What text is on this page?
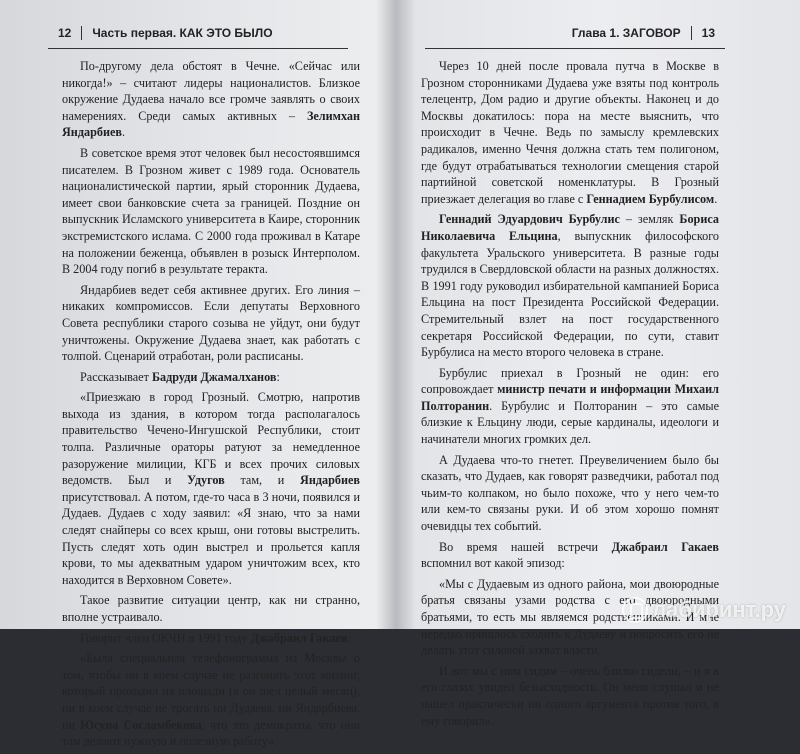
12	Часть первая. КАК ЭТО БЫЛО

По-другому дела обстоят в Чечне. «Сейчас или никогда!» – считают лидеры националистов. Близкое окружение Дудаева начало все громче заявлять о своих намерениях. Среди самых активных – Зелимхан Яндарбиев.

В советское время этот человек был несостоявшимся писателем. В Грозном живет с 1989 года. Основатель националистической партии, ярый сторонник Дудаева, имеет свои банковские счета за границей. Поздние он выпускник Исламского университета в Каире, сторонник экстремистского ислама. С 2000 года проживал в Катаре на положении беженца, объявлен в розыск Интерполом. В 2004 году погиб в результате теракта.

Яндарбиев ведет себя активнее других. Его линия – никаких компромиссов. Если депутаты Верховного Совета республики старого созыва не уйдут, они будут уничтожены. Окружение Дудаева знает, как работать с толпой. Сценарий отработан, роли расписаны.

Рассказывает Бадруди Джамалханов:

«Приезжаю в город Грозный. Смотрю, напротив выхода из здания, в котором тогда располагалось правительство Чечено-Ингушской Республики, стоит толпа. Различные ораторы ратуют за немедленное разоружение милиции, КГБ и всех прочих силовых ведомств. Был и Удугов там, и Яндарбиев присутствовал. А потом, где-то часа в 3 ночи, появился и Дудаев. Дудаев с ходу заявил: «Я знаю, что за нами следят снайперы со всех крыш, они готовы выстрелить. Пусть следят хоть один выстрел и прольется капля крови, то мы адекватным ударом уничтожим всех, кто находится в Верховном Совете».

Такое развитие ситуации центр, как ни странно, вполне устраивало.

Говорит член ОКЧН в 1991 году Джабраил Гакаев:

«Была специальная телефонограмма из Москвы о том, чтобы ни в коем случае не разгонять этот митинг, который проходил на площади (а он шел целый месяц), ни в коем случае не трогать ни Дудаева, ни Яндарбиева, ни Юсупа Сосламбекова, что это демократы, что они там делают нужную и полезную работу».

Глава 1. ЗАГОВОР	13

Через 10 дней после провала путча в Москве в Грозном сторонниками Дудаева уже взяты под контроль телецентр, Дом радио и другие объекты. Наконец и до Москвы докатилось: пора на месте выяснить, что происходит в Чечне. Ведь по замыслу кремлевских радикалов, именно Чечня должна стать тем полигоном, где будут отрабатываться технологии смещения старой партийной советской номенклатуры. В Грозный приезжает делегация во главе с Геннадием Бурбулисом.

Геннадий Эдуардович Бурбулис – земляк Бориса Николаевича Ельцина, выпускник философского факультета Уральского университета. В разные годы трудился в Свердловской области на разных должностях. В 1991 году руководил избирательной кампанией Бориса Ельцина на пост Президента Российской Федерации. Стремительный взлет на пост государственного секретаря Российской Федерации, по сути, ставит Бурбулиса на место второго человека в стране.

Бурбулис приехал в Грозный не один: его сопровождает министр печати и информации Михаил Полторанин. Бурбулис и Полторанин – это самые близкие к Ельцину люди, серые кардиналы, идеологи и начинатели многих громких дел.

А Дудаева что-то гнетет. Преувеличением было бы сказать, что Дудаев, как говорят разведчики, работал под чьим-то колпаком, но было похоже, что у него чем-то или кем-то связаны руки. И об этом хорошо помнят очевидцы тех событий.

Во время нашей встречи Джабраил Гакаев вспомнил вот какой эпизод:

«Мы с Дудаевым из одного района, мои двоюродные братья связаны узами родства с его двоюродными братьями, то есть мы являемся родственниками. И мне нередко пришлось сходить к Дудаеву и попросить его не делать этот силовой захват власти.

И вот мы с ним сидим – очень близко сидели, – и я в его глазах увидел безысходность. Он меня слушал и не нашел практически ни одного аргумента против того, я ему говорил».

лабиринт.ру
